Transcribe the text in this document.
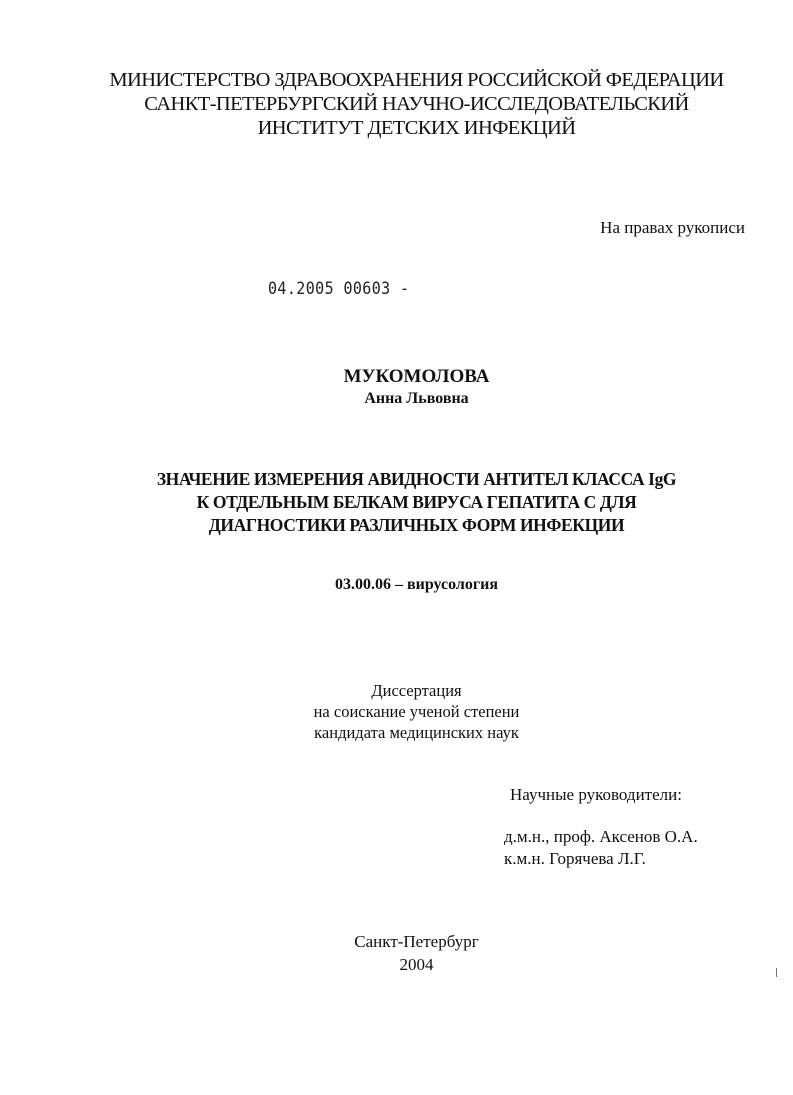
МИНИСТЕРСТВО ЗДРАВООХРАНЕНИЯ РОССИЙСКОЙ ФЕДЕРАЦИИ
САНКТ-ПЕТЕРБУРГСКИЙ НАУЧНО-ИССЛЕДОВАТЕЛЬСКИЙ
ИНСТИТУТ ДЕТСКИХ ИНФЕКЦИЙ
На правах рукописи
04.2005 00603 -
МУКОМОЛОВА
Анна Львовна
ЗНАЧЕНИЕ ИЗМЕРЕНИЯ АВИДНОСТИ АНТИТЕЛ КЛАССА IgG
К ОТДЕЛЬНЫМ БЕЛКАМ ВИРУСА ГЕПАТИТА С ДЛЯ
ДИАГНОСТИКИ РАЗЛИЧНЫХ ФОРМ ИНФЕКЦИИ
03.00.06 – вирусология
Диссертация
на соискание ученой степени
кандидата медицинских наук
Научные руководители:
д.м.н., проф. Аксенов О.А.
к.м.н. Горячева Л.Г.
Санкт-Петербург
2004
